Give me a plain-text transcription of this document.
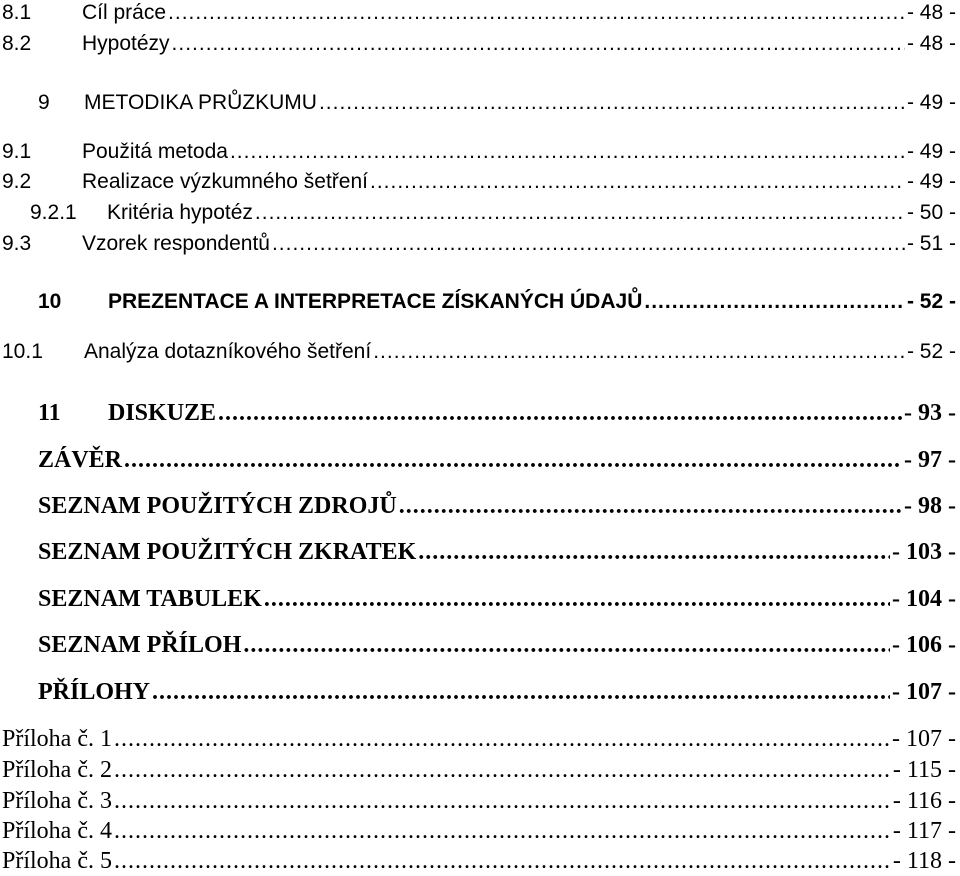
8.1	Cíl práce .....	- 48 -
8.2	Hypotézy .....	- 48 -
9	METODIKA PRŮZKUMU .....	- 49 -
9.1	Použitá metoda .....	- 49 -
9.2	Realizace výzkumného šetření .....	- 49 -
9.2.1	Kritéria hypotéz .....	- 50 -
9.3	Vzorek respondentů .....	- 51 -
10	PREZENTACE A INTERPRETACE ZÍSKANÝCH ÚDAJŮ .....	- 52 -
10.1	Analýza dotazníkového šetření .....	- 52 -
11	DISKUZE .....	- 93 -
ZÁVĚR .....	- 97 -
SEZNAM POUŽITÝCH ZDROJŮ .....	- 98 -
SEZNAM POUŽITÝCH ZKRATEK .....	- 103 -
SEZNAM TABULEK .....	- 104 -
SEZNAM PŘÍLOH .....	- 106 -
PŘÍLOHY .....	- 107 -
Příloha č. 1 .....	- 107 -
Příloha č. 2 .....	- 115 -
Příloha č. 3 .....	- 116 -
Příloha č. 4 .....	- 117 -
Příloha č. 5 .....	- 118 -
